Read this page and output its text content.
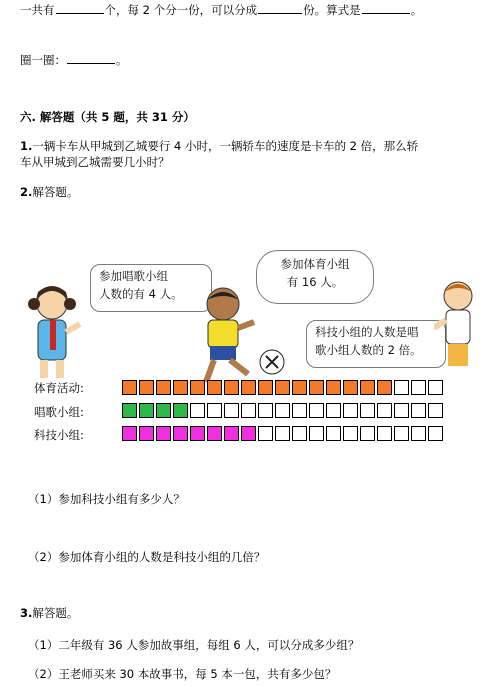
一共有	个，每 2 个分一份，可以分成	份。算式是	。
圈一圈：	。
六. 解答题（共 5 题，共 31 分）
1.一辆卡车从甲城到乙城要行 4 小时，一辆轿车的速度是卡车的 2 倍，那么轿
车从甲城到乙城需要几小时？
2.解答题。
参加唱歌小组
人数的有 4 人。
参加体育小组
有 16 人。
科技小组的人数是唱
歌小组人数的 2 倍。
体育活动:
唱歌小组:
科技小组:
（1）参加科技小组有多少人？
（2）参加体育小组的人数是科技小组的几倍？
3.解答题。
（1）二年级有 36 人参加故事组，每组 6 人，可以分成多少组？
（2）王老师买来 30 本故事书，每 5 本一包，共有多少包？
